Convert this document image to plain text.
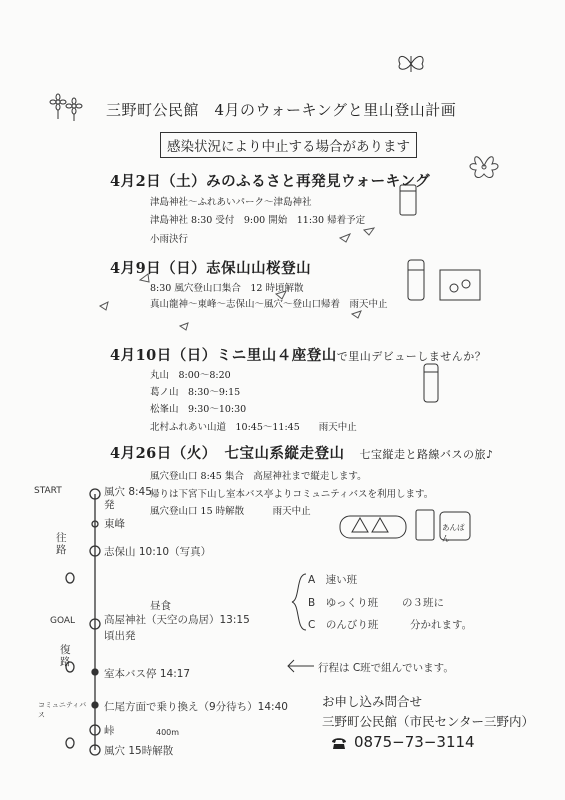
三野町公民館　4月のウォーキングと里山登山計画
感染状況により中止する場合があります
4月2日（土）みのふるさと再発見ウォーキング
津島神社〜ふれあいパーク〜津島神社
津島神社 8:30 受付　9:00 開始　11:30 帰着予定
小雨決行
4月9日（日）志保山山桜登山
8:30 風穴登山口集合　12 時頃解散
真山龍神〜東峰〜志保山〜風穴〜登山口帰着　雨天中止
4月10日（日）ミニ里山４座登山で里山デビューしませんか？
丸山　8:00〜8:20
葛ノ山　8:30〜9:15
松峯山　9:30〜10:30
北村ふれあい山道　10:45〜11:45　　雨天中止
4月26日（火）　七宝山系縦走登山　 七宝縦走と路線バスの旅♪
風穴登山口 8:45 集合　高屋神社まで縦走します。
帰りは下宮下山し室本バス亭よりコミュニティバスを利用します。
風穴登山口 15 時解散　　　雨天中止
あんぱん
START
GOAL
往路
復路
コミュニティバス
風穴 8:45 発
東峰
志保山 10:10（写真）
昼食
高屋神社（天空の鳥居）13:15 頃出発
室本バス停 14:17
仁尾方面で乗り換え（9分待ち）14:40
峠	400m
風穴 15時解散
A　速い班
B　ゆっくり班
C　のんびり班
の３班に
分かれます。
行程は C班で組んでいます。
お申し込み問合せ
三野町公民館（市民センター三野内）
0875−73−3114
